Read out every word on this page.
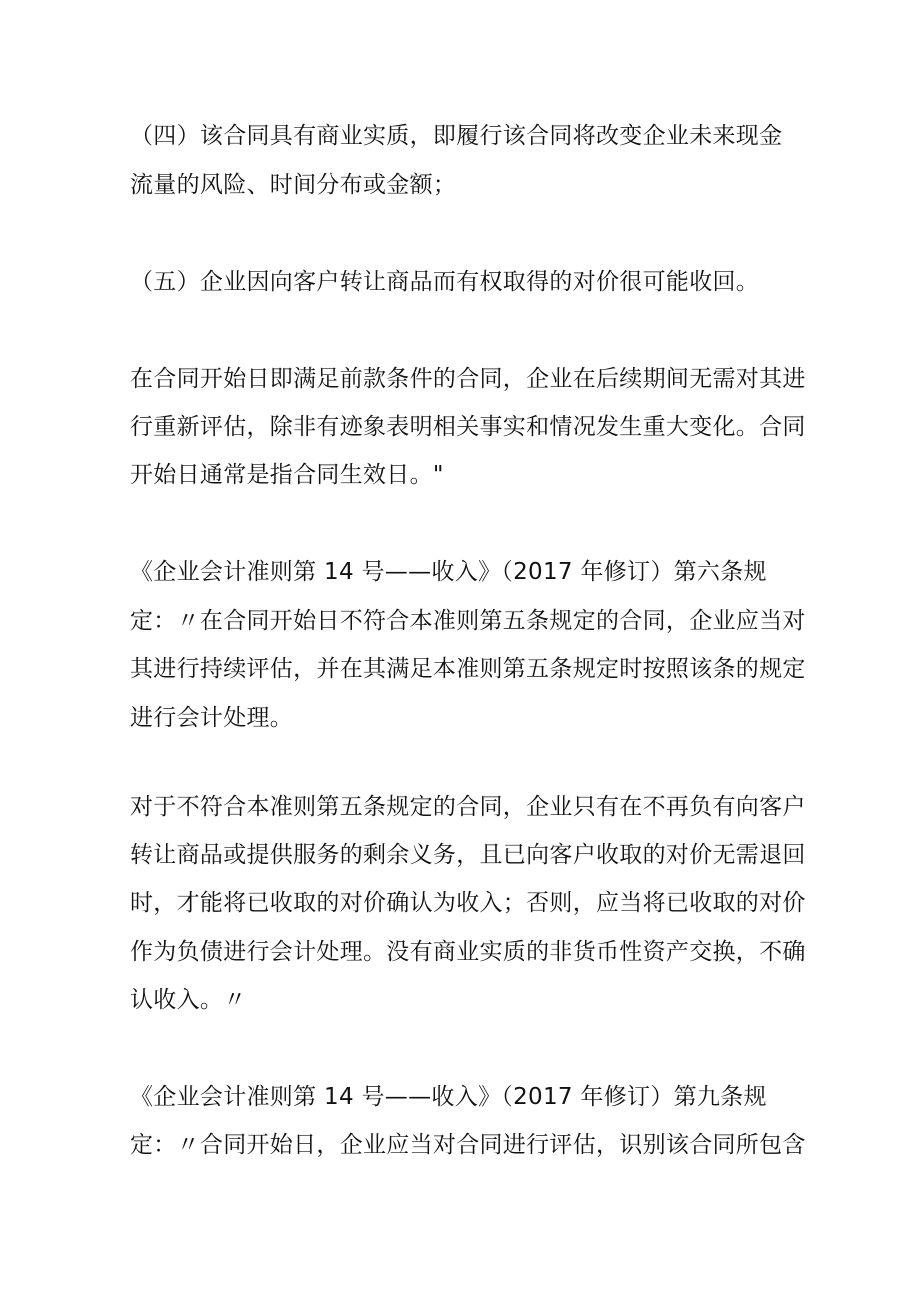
（四）该合同具有商业实质，即履行该合同将改变企业未来现金

流量的风险、时间分布或金额；

（五）企业因向客户转让商品而有权取得的对价很可能收回。

在合同开始日即满足前款条件的合同，企业在后续期间无需对其进

行重新评估，除非有迹象表明相关事实和情况发生重大变化。合同

开始日通常是指合同生效日。"

《企业会计准则第 14 号——收入》（2017 年修订）第六条规

定：〃在合同开始日不符合本准则第五条规定的合同，企业应当对

其进行持续评估，并在其满足本准则第五条规定时按照该条的规定

进行会计处理。

对于不符合本准则第五条规定的合同，企业只有在不再负有向客户

转让商品或提供服务的剩余义务，且已向客户收取的对价无需退回

时，才能将已收取的对价确认为收入；否则，应当将已收取的对价

作为负债进行会计处理。没有商业实质的非货币性资产交换，不确

认收入。〃

《企业会计准则第 14 号——收入》（2017 年修订）第九条规

定：〃合同开始日，企业应当对合同进行评估，识别该合同所包含
